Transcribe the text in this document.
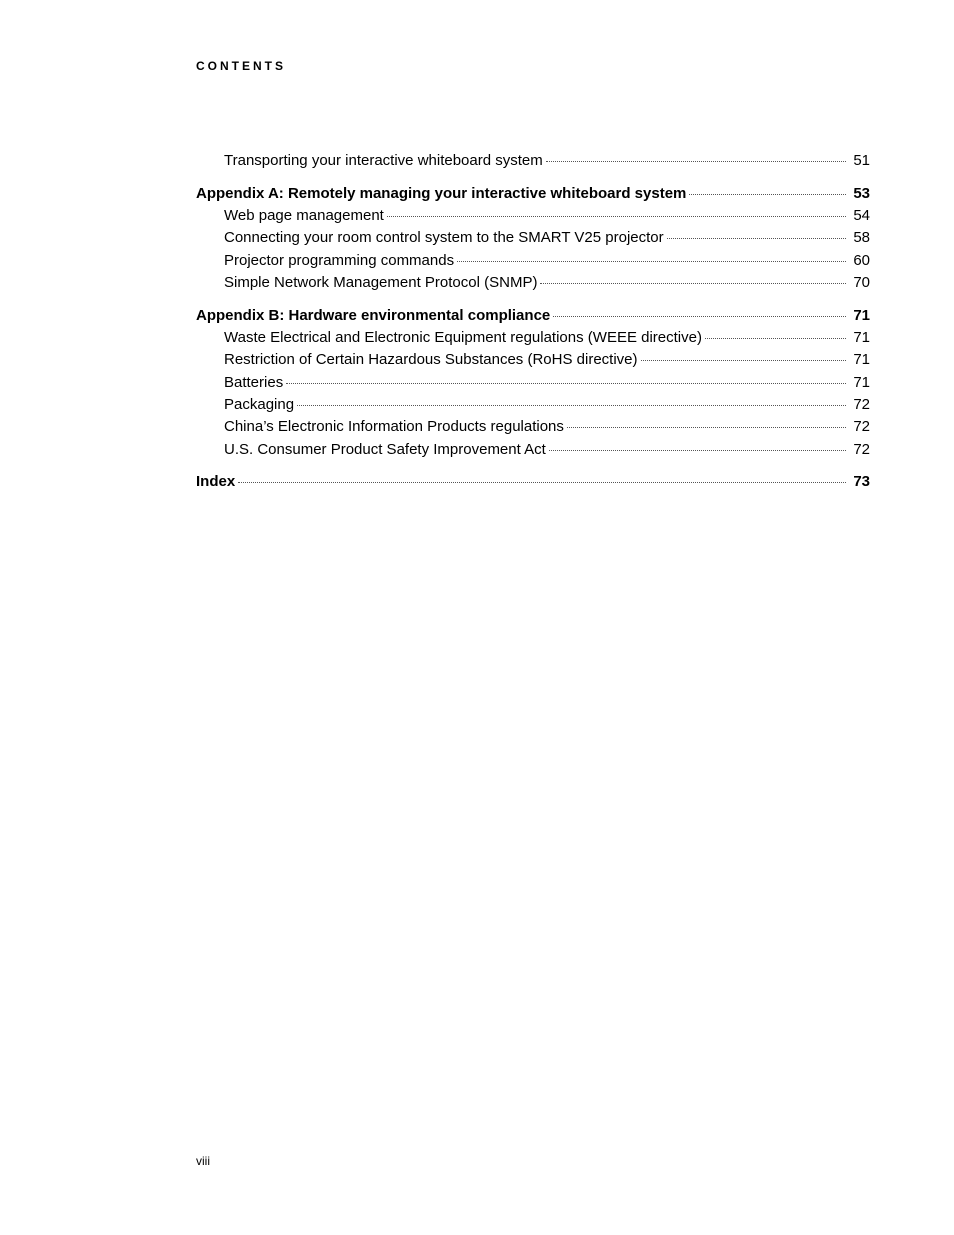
CONTENTS
Transporting your interactive whiteboard system	51
Appendix A: Remotely managing your interactive whiteboard system	53
Web page management	54
Connecting your room control system to the SMART V25 projector	58
Projector programming commands	60
Simple Network Management Protocol (SNMP)	70
Appendix B: Hardware environmental compliance	71
Waste Electrical and Electronic Equipment regulations (WEEE directive)	71
Restriction of Certain Hazardous Substances (RoHS directive)	71
Batteries	71
Packaging	72
China’s Electronic Information Products regulations	72
U.S. Consumer Product Safety Improvement Act	72
Index	73
viii
